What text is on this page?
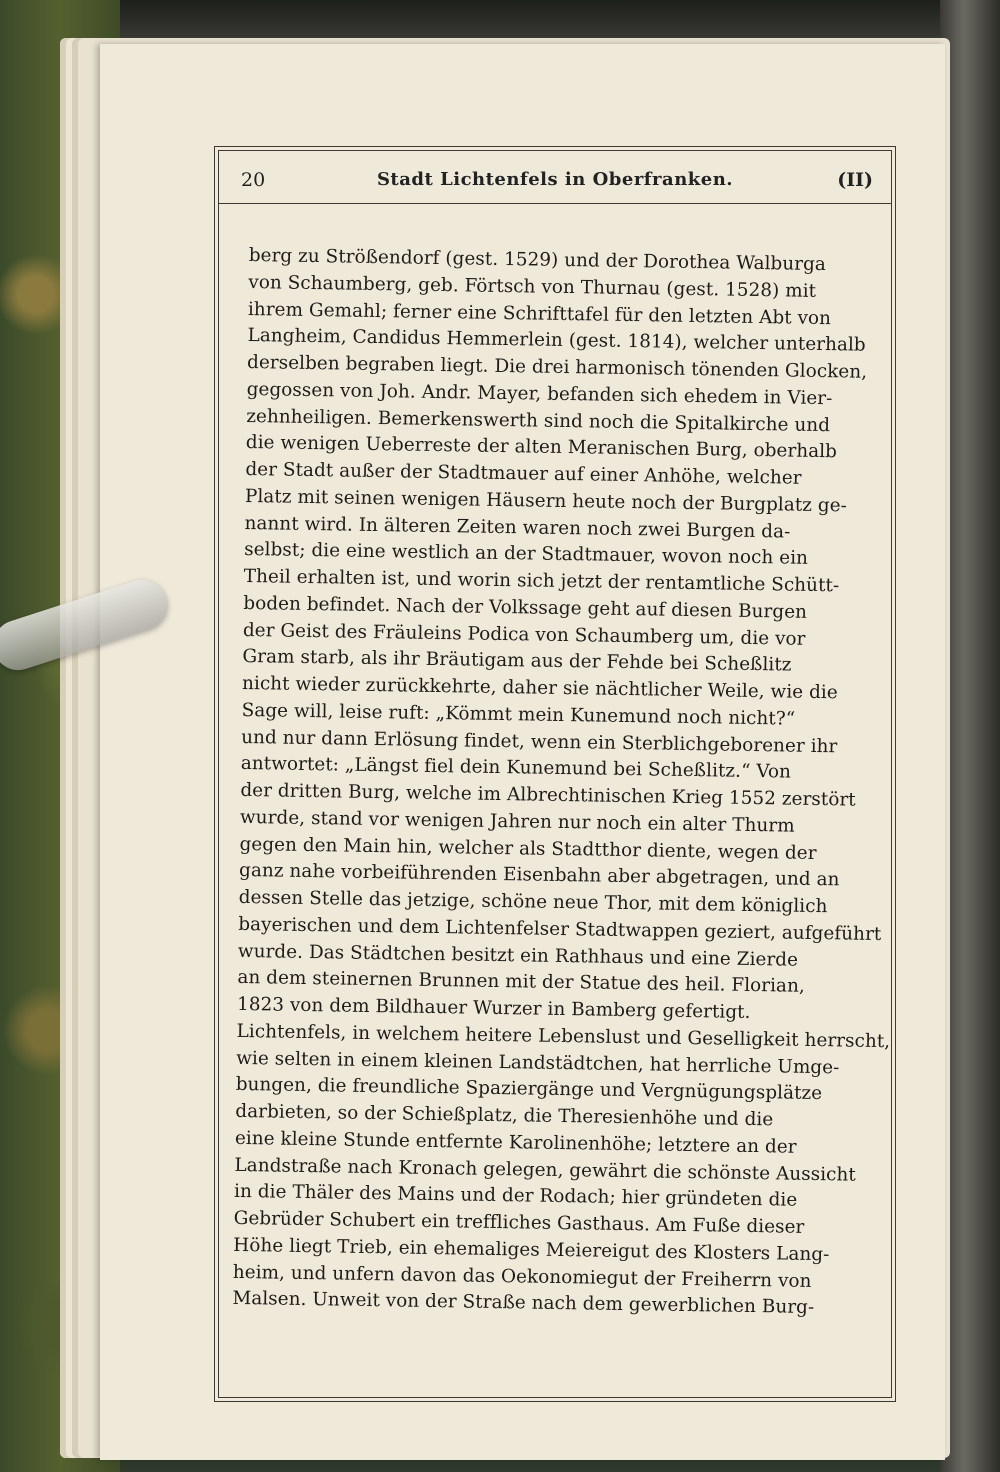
20	Stadt Lichtenfels in Oberfranken.	(II)
berg zu Strößendorf (gest. 1529) und der Dorothea Walburga
von Schaumberg, geb. Förtsch von Thurnau (gest. 1528) mit
ihrem Gemahl; ferner eine Schrifttafel für den letzten Abt von
Langheim, Candidus Hemmerlein (gest. 1814), welcher unterhalb
derselben begraben liegt. Die drei harmonisch tönenden Glocken,
gegossen von Joh. Andr. Mayer, befanden sich ehedem in Vier-
zehnheiligen. Bemerkenswerth sind noch die Spitalkirche und
die wenigen Ueberreste der alten Meranischen Burg, oberhalb
der Stadt außer der Stadtmauer auf einer Anhöhe, welcher
Platz mit seinen wenigen Häusern heute noch der Burgplatz ge-
nannt wird. In älteren Zeiten waren noch zwei Burgen da-
selbst; die eine westlich an der Stadtmauer, wovon noch ein
Theil erhalten ist, und worin sich jetzt der rentamtliche Schütt-
boden befindet. Nach der Volkssage geht auf diesen Burgen
der Geist des Fräuleins Podica von Schaumberg um, die vor
Gram starb, als ihr Bräutigam aus der Fehde bei Scheßlitz
nicht wieder zurückkehrte, daher sie nächtlicher Weile, wie die
Sage will, leise ruft: „Kömmt mein Kunemund noch nicht?“
und nur dann Erlösung findet, wenn ein Sterblichgeborener ihr
antwortet: „Längst fiel dein Kunemund bei Scheßlitz.“ Von
der dritten Burg, welche im Albrechtinischen Krieg 1552 zerstört
wurde, stand vor wenigen Jahren nur noch ein alter Thurm
gegen den Main hin, welcher als Stadtthor diente, wegen der
ganz nahe vorbeiführenden Eisenbahn aber abgetragen, und an
dessen Stelle das jetzige, schöne neue Thor, mit dem königlich
bayerischen und dem Lichtenfelser Stadtwappen geziert, aufgeführt
wurde. Das Städtchen besitzt ein Rathhaus und eine Zierde
an dem steinernen Brunnen mit der Statue des heil. Florian,
1823 von dem Bildhauer Wurzer in Bamberg gefertigt.
Lichtenfels, in welchem heitere Lebenslust und Geselligkeit herrscht,
wie selten in einem kleinen Landstädtchen, hat herrliche Umge-
bungen, die freundliche Spaziergänge und Vergnügungsplätze
darbieten, so der Schießplatz, die Theresienhöhe und die
eine kleine Stunde entfernte Karolinenhöhe; letztere an der
Landstraße nach Kronach gelegen, gewährt die schönste Aussicht
in die Thäler des Mains und der Rodach; hier gründeten die
Gebrüder Schubert ein treffliches Gasthaus. Am Fuße dieser
Höhe liegt Trieb, ein ehemaliges Meiereigut des Klosters Lang-
heim, und unfern davon das Oekonomiegut der Freiherrn von
Malsen. Unweit von der Straße nach dem gewerblichen Burg-
